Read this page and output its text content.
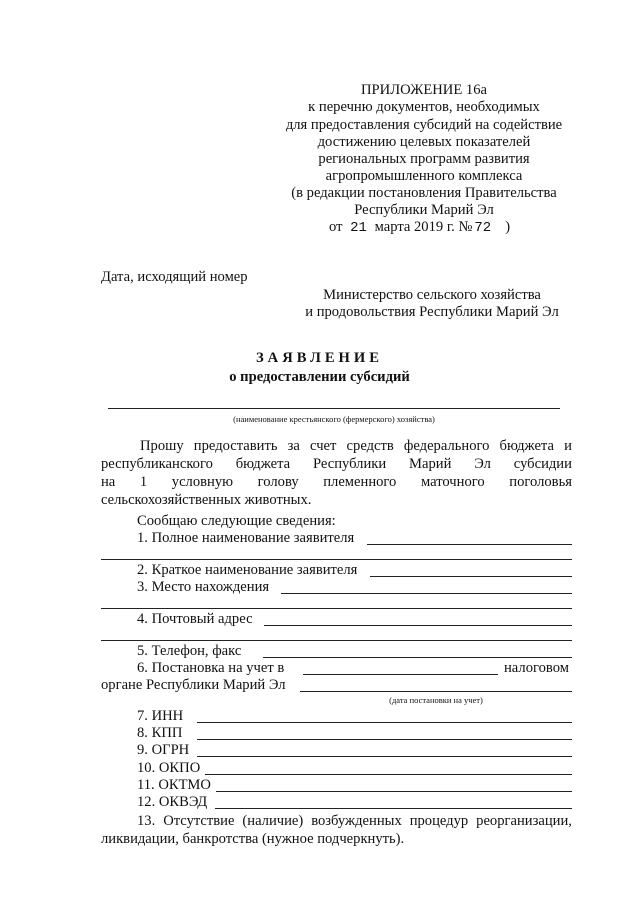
ПРИЛОЖЕНИЕ 16а
к перечню документов, необходимых
для предоставления субсидий на содействие
достижению целевых показателей
региональных программ развития
агропромышленного комплекса
(в редакции постановления Правительства
Республики Марий Эл
от 21 марта 2019 г. № 72 )
Дата, исходящий номер
Министерство сельского хозяйства
и продовольствия Республики Марий Эл
ЗАЯВЛЕНИЕ
о предоставлении субсидий
(наименование крестьянского (фермерского) хозяйства)
Прошу предоставить за счет средств федерального бюджета и
республиканского бюджета Республики Марий Эл субсидии
на 1 условную голову племенного маточного поголовья
сельскохозяйственных животных.
Сообщаю следующие сведения:
1. Полное наименование заявителя
2. Краткое наименование заявителя
3. Место нахождения
4. Почтовый адрес
5. Телефон, факс
6. Постановка на учет в	налоговом
органе Республики Марий Эл
(дата постановки на учет)
7. ИНН
8. КПП
9. ОГРН
10. ОКПО
11. ОКТМО
12. ОКВЭД
13. Отсутствие (наличие) возбужденных процедур реорганизации,
ликвидации, банкротства (нужное подчеркнуть).
